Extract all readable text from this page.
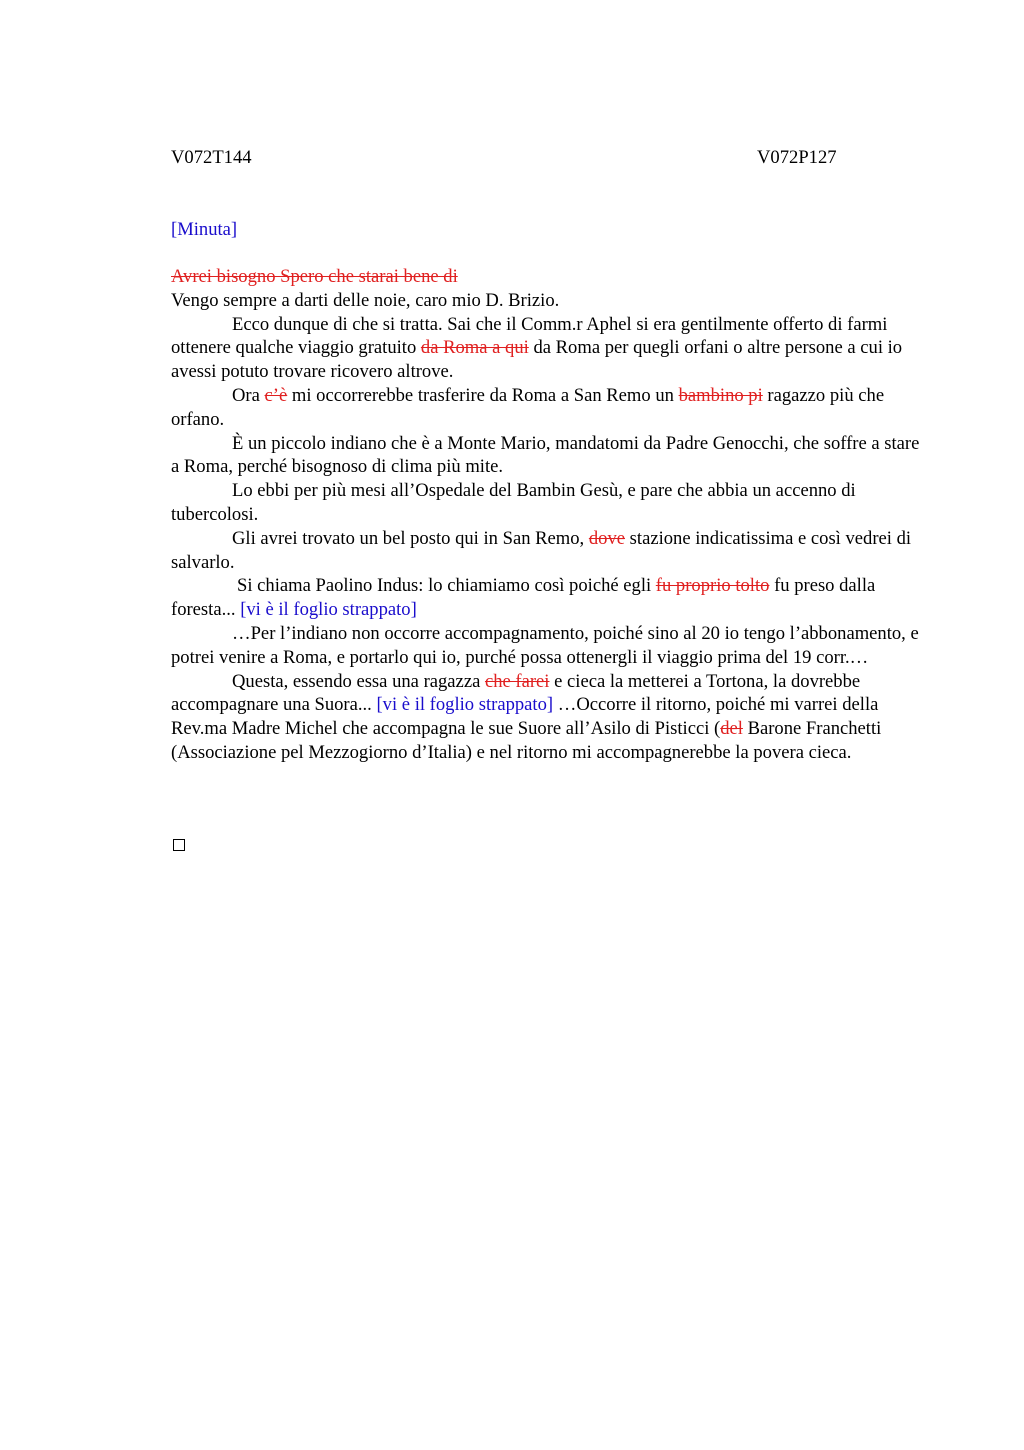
V072T144	V072P127
[Minuta]

Avrei bisogno Spero che starai bene di

Vengo sempre a darti delle noie, caro mio D. Brizio.

Ecco dunque di che si tratta. Sai che il Comm.r Aphel si era gentilmente offerto di farmi ottenere qualche viaggio gratuito da Roma a qui da Roma per quegli orfani o altre persone a cui io avessi potuto trovare ricovero altrove.

Ora c’è mi occorrerebbe trasferire da Roma a San Remo un bambino pi ragazzo più che orfano.

È un piccolo indiano che è a Monte Mario, mandatomi da Padre Genocchi, che soffre a stare a Roma, perché bisognoso di clima più mite.

Lo ebbi per più mesi all’Ospedale del Bambin Gesù, e pare che abbia un accenno di tubercolosi.

Gli avrei trovato un bel posto qui in San Remo, dove stazione indicatissima e così vedrei di salvarlo.

Si chiama Paolino Indus: lo chiamiamo così poiché egli fu proprio tolto fu preso dalla foresta... [vi è il foglio strappato]

…Per l’indiano non occorre accompagnamento, poiché sino al 20 io tengo l’abbonamento, e potrei venire a Roma, e portarlo qui io, purché possa ottenergli il viaggio prima del 19 corr.…

Questa, essendo essa una ragazza che farei e cieca la metterei a Tortona, la dovrebbe accompagnare una Suora... [vi è il foglio strappato] …Occorre il ritorno, poiché mi varrei della Rev.ma Madre Michel che accompagna le sue Suore all’Asilo di Pisticci (del Barone Franchetti (Associazione pel Mezzogiorno d’Italia) e nel ritorno mi accompagnerebbe la povera cieca.
